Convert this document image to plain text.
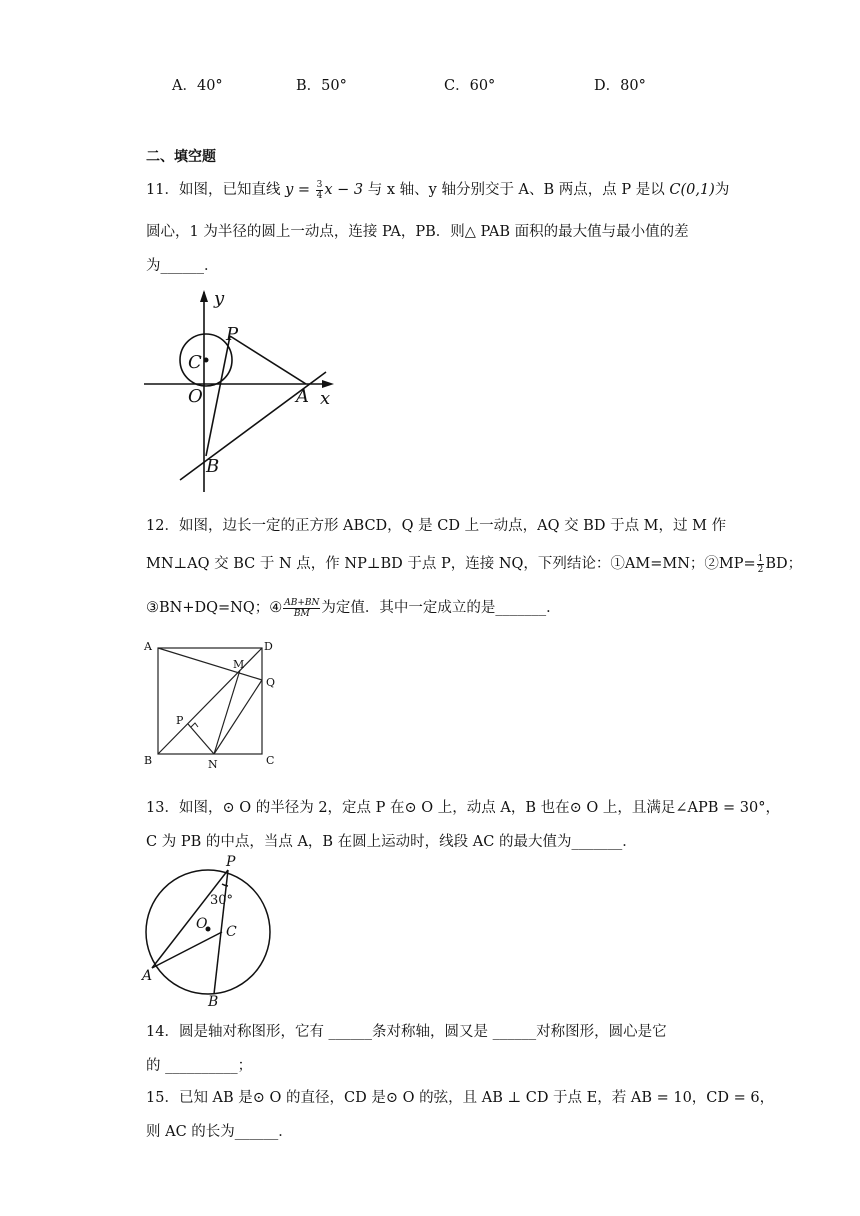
A．40°	B．50°	C．60°	D．80°
二、填空题
11．如图，已知直线 $y = \frac{3}{4}$ x − 3 与 x 轴、y 轴分别交于 A、B 两点，点 P 是以 C(0,1)为
圆心，1 为半径的圆上一动点，连接 PA，PB．则△ PAB 面积的最大值与最小值的差
为______．
y
x
C
P
O	A
B
12．如图，边长一定的正方形 ABCD，Q 是 CD 上一动点，AQ 交 BD 于点 M，过 M 作
MN⊥AQ 交 BC 于 N 点，作 NP⊥BD 于点 P，连接 NQ，下列结论：①AM=MN；②MP= $\frac{1}{2}$ BD；
③BN+DQ=NQ；④ $\frac{AB+BN}{BM}$ 为定值．其中一定成立的是_______．
A	D
M
Q
P
B	N	C
13．如图，⊙ O 的半径为 2，定点 P 在⊙ O 上，动点 A，B 也在⊙ O 上，且满足∠APB = 30°，
C 为 PB 的中点，当点 A，B 在圆上运动时，线段 AC 的最大值为_______．
P
30°
O C
A
B
14．圆是轴对称图形，它有 ______条对称轴，圆又是 ______对称图形，圆心是它
的 __________；
15．已知 AB 是⊙ O 的直径，CD 是⊙ O 的弦，且 AB ⊥ CD 于点 E，若 AB = 10，CD = 6，
则 AC 的长为______．
